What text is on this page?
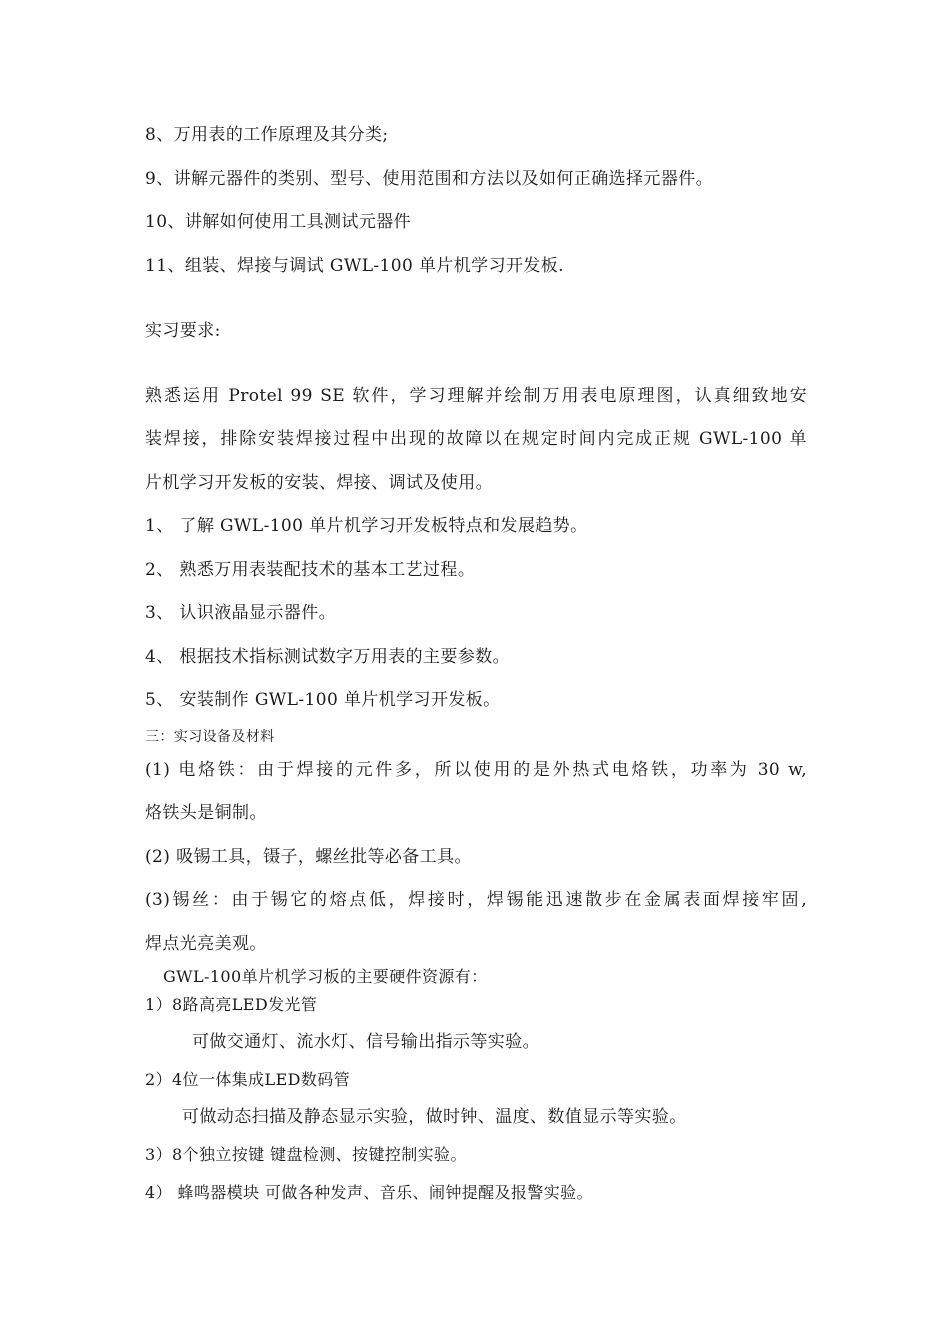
8、万用表的工作原理及其分类;
9、讲解元器件的类别、型号、使用范围和方法以及如何正确选择元器件。
10、讲解如何使用工具测试元器件
11、组装、焊接与调试 GWL-100 单片机学习开发板.
实习要求:
熟悉运用 Protel 99 SE 软件，学习理解并绘制万用表电原理图，认真细致地安
装焊接，排除安装焊接过程中出现的故障以在规定时间内完成正规 GWL-100 单
片机学习开发板的安装、焊接、调试及使用。
1、 了解 GWL-100 单片机学习开发板特点和发展趋势。
2、 熟悉万用表装配技术的基本工艺过程。
3、 认识液晶显示器件。
4、 根据技术指标测试数字万用表的主要参数。
5、 安装制作 GWL-100 单片机学习开发板。
三：实习设备及材料
(1) 电烙铁：由于焊接的元件多，所以使用的是外热式电烙铁，功率为 30 w,
烙铁头是铜制。
(2) 吸锡工具，镊子，螺丝批等必备工具。
(3)锡丝：由于锡它的熔点低，焊接时，焊锡能迅速散步在金属表面焊接牢固,
焊点光亮美观。
GWL-100单片机学习板的主要硬件资源有：
1）8路高亮LED发光管
可做交通灯、流水灯、信号输出指示等实验。
2）4位一体集成LED数码管
可做动态扫描及静态显示实验，做时钟、温度、数值显示等实验。
3）8个独立按键 键盘检测、按键控制实验。
4） 蜂鸣器模块 可做各种发声、音乐、闹钟提醒及报警实验。
